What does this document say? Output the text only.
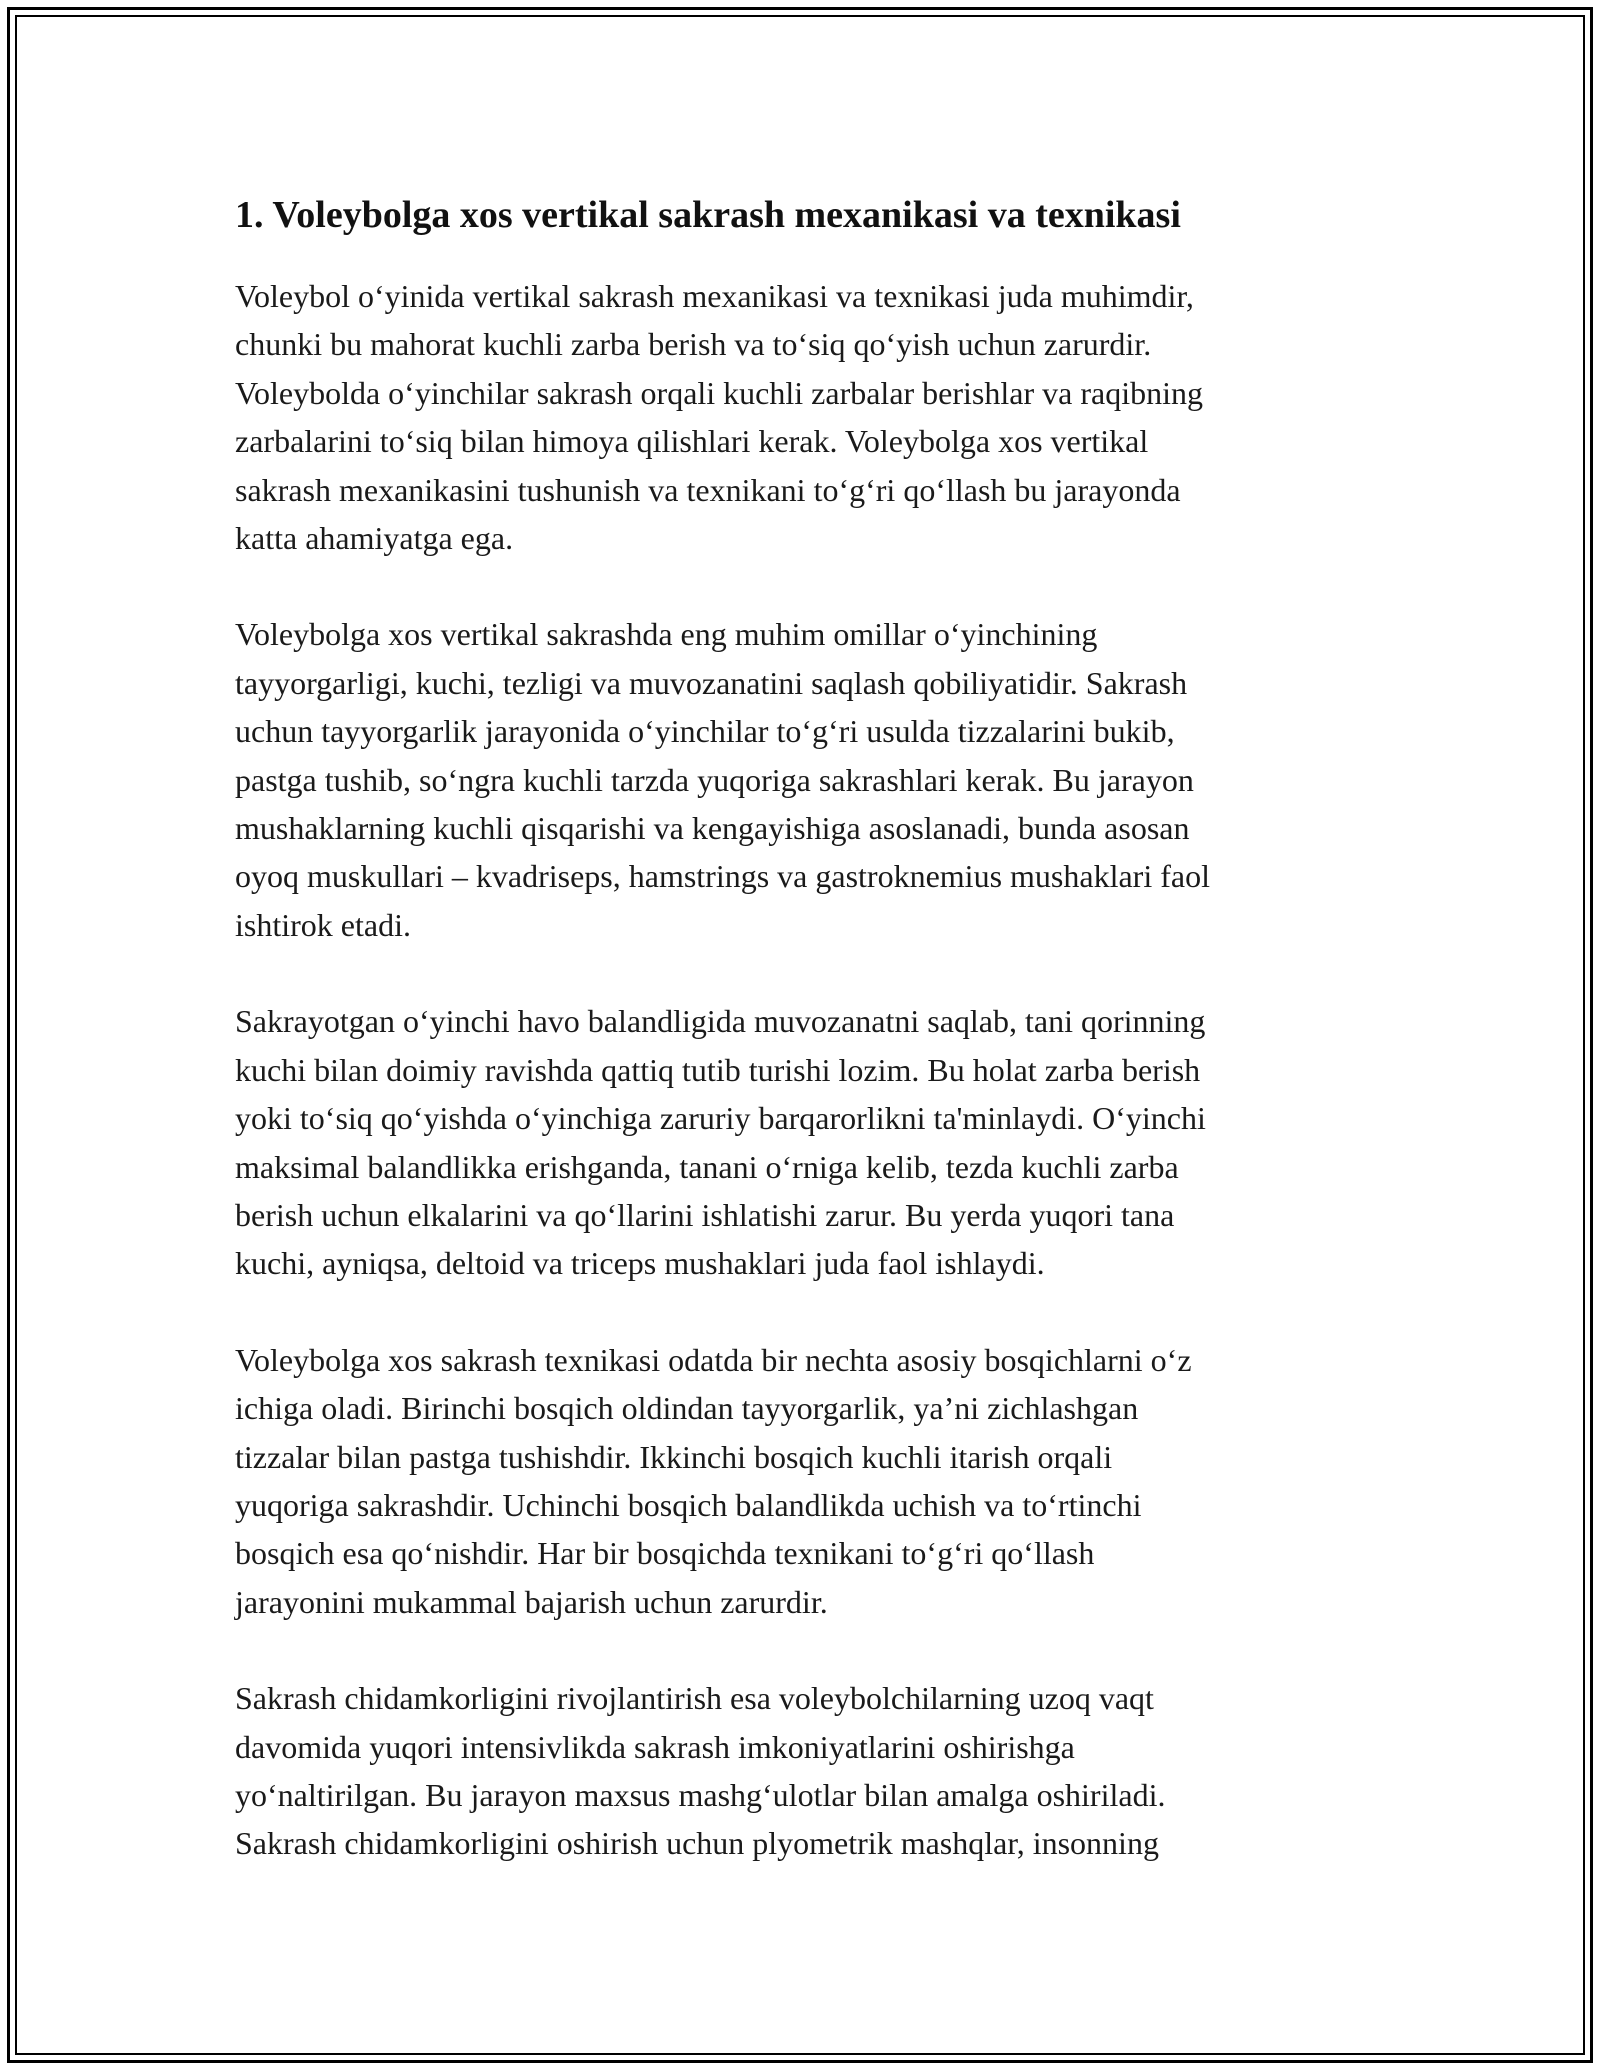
1. Voleybolga xos vertikal sakrash mexanikasi va texnikasi

Voleybol o‘yinida vertikal sakrash mexanikasi va texnikasi juda muhimdir,
chunki bu mahorat kuchli zarba berish va to‘siq qo‘yish uchun zarurdir.
Voleybolda o‘yinchilar sakrash orqali kuchli zarbalar berishlar va raqibning
zarbalarini to‘siq bilan himoya qilishlari kerak. Voleybolga xos vertikal
sakrash mexanikasini tushunish va texnikani to‘g‘ri qo‘llash bu jarayonda
katta ahamiyatga ega.

Voleybolga xos vertikal sakrashda eng muhim omillar o‘yinchining
tayyorgarligi, kuchi, tezligi va muvozanatini saqlash qobiliyatidir. Sakrash
uchun tayyorgarlik jarayonida o‘yinchilar to‘g‘ri usulda tizzalarini bukib,
pastga tushib, so‘ngra kuchli tarzda yuqoriga sakrashlari kerak. Bu jarayon
mushaklarning kuchli qisqarishi va kengayishiga asoslanadi, bunda asosan
oyoq muskullari – kvadriseps, hamstrings va gastroknemius mushaklari faol
ishtirok etadi.

Sakrayotgan o‘yinchi havo balandligida muvozanatni saqlab, tani qorinning
kuchi bilan doimiy ravishda qattiq tutib turishi lozim. Bu holat zarba berish
yoki to‘siq qo‘yishda o‘yinchiga zaruriy barqarorlikni ta'minlaydi. O‘yinchi
maksimal balandlikka erishganda, tanani o‘rniga kelib, tezda kuchli zarba
berish uchun elkalarini va qo‘llarini ishlatishi zarur. Bu yerda yuqori tana
kuchi, ayniqsa, deltoid va triceps mushaklari juda faol ishlaydi.

Voleybolga xos sakrash texnikasi odatda bir nechta asosiy bosqichlarni o‘z
ichiga oladi. Birinchi bosqich oldindan tayyorgarlik, ya’ni zichlashgan
tizzalar bilan pastga tushishdir. Ikkinchi bosqich kuchli itarish orqali
yuqoriga sakrashdir. Uchinchi bosqich balandlikda uchish va to‘rtinchi
bosqich esa qo‘nishdir. Har bir bosqichda texnikani to‘g‘ri qo‘llash
jarayonini mukammal bajarish uchun zarurdir.

Sakrash chidamkorligini rivojlantirish esa voleybolchilarning uzoq vaqt
davomida yuqori intensivlikda sakrash imkoniyatlarini oshirishga
yo‘naltirilgan. Bu jarayon maxsus mashg‘ulotlar bilan amalga oshiriladi.
Sakrash chidamkorligini oshirish uchun plyometrik mashqlar, insonning
